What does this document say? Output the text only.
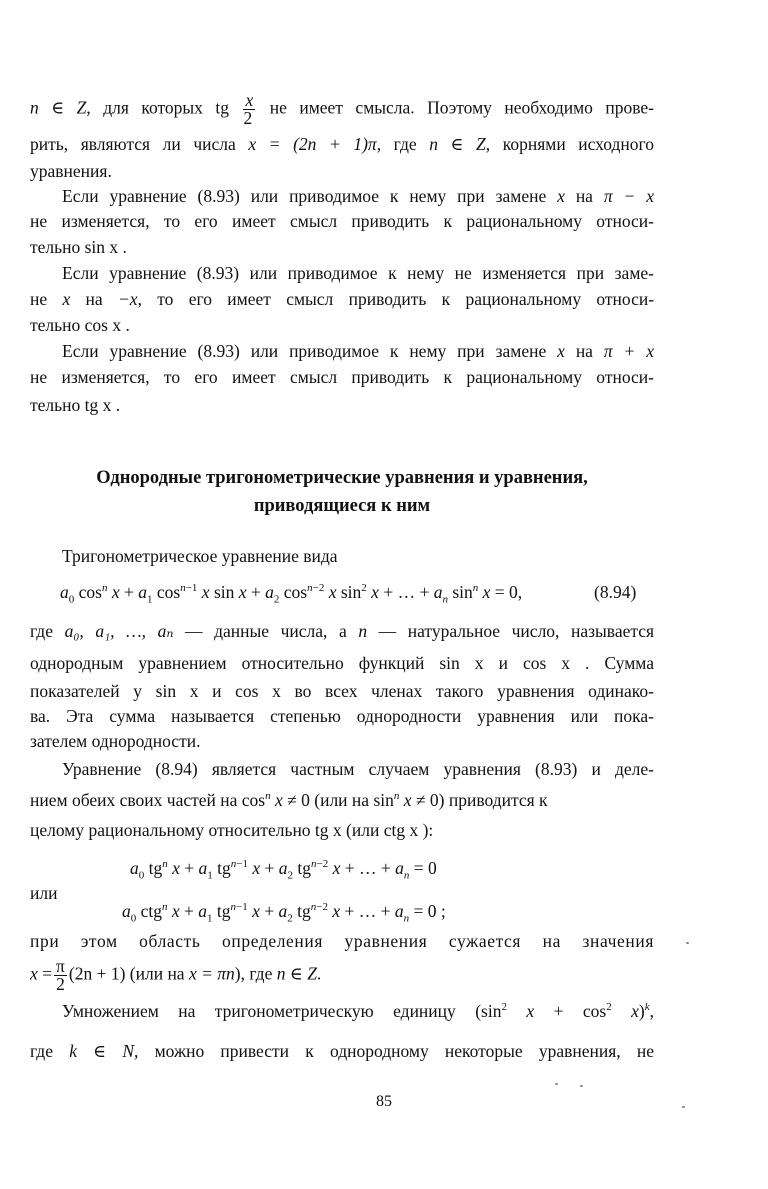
n ∈ Z, для которых tg $\frac{x}{2}$ не имеет смысла. Поэтому необходимо прове-
рить, являются ли числа x = (2n + 1)π, где n ∈ Z, корнями исходного
уравнения.
Если уравнение (8.93) или приводимое к нему при замене x на π − x
не изменяется, то его имеет смысл приводить к рациональному относи-
тельно sin x .
Если уравнение (8.93) или приводимое к нему не изменяется при заме-
не x на −x, то его имеет смысл приводить к рациональному относи-
тельно cos x .
Если уравнение (8.93) или приводимое к нему при замене x на π + x
не изменяется, то его имеет смысл приводить к рациональному относи-
тельно tg x .
Однородные тригонометрические уравнения и уравнения,
приводящиеся к ним
Тригонометрическое уравнение вида
$a_0$ $\cos^n x + a_1$ $\cos^{n-1} x$ $\sin x + a_2$ $\cos^{n-2} x$ $\sin^2 x$ + … + $a_n$ $\sin^n x = 0$,	(8.94)
где a₀, a₁, …, aₙ — данные числа, а n — натуральное число, называется
однородным уравнением относительно функций sin x и cos x . Сумма
показателей у sin x и cos x во всех членах такого уравнения одинако-
ва. Эта сумма называется степенью однородности уравнения или пока-
зателем однородности.
Уравнение (8.94) является частным случаем уравнения (8.93) и деле-
нием обеих своих частей на $\cos^n x \ne 0$ (или на $\sin^n x \ne 0$) приводится к
целому рациональному относительно tg x (или ctg x ):
$a_0$ $tg^n$ $x + a_1$ $tg^{n-1}$ $x + a_2$ $tg^{n-2}$ x + … + $a_n = 0$
или
$a_0$ ctg$^n$ $x + a_1$ $tg^{n-1}$ $x + a_2$ $tg^{n-2}$ x + … + $a_n = 0$ ;
при этом область определения уравнения сужается на значения
$x = \frac{\pi}{2} (2n + 1)$ (или на x = πn), где n ∈ Z.
Умножением на тригонометрическую единицу ($\sin^2$ $x + \cos^2 x)^k$,
где k ∈ N, можно привести к однородному некоторые уравнения, не
85
